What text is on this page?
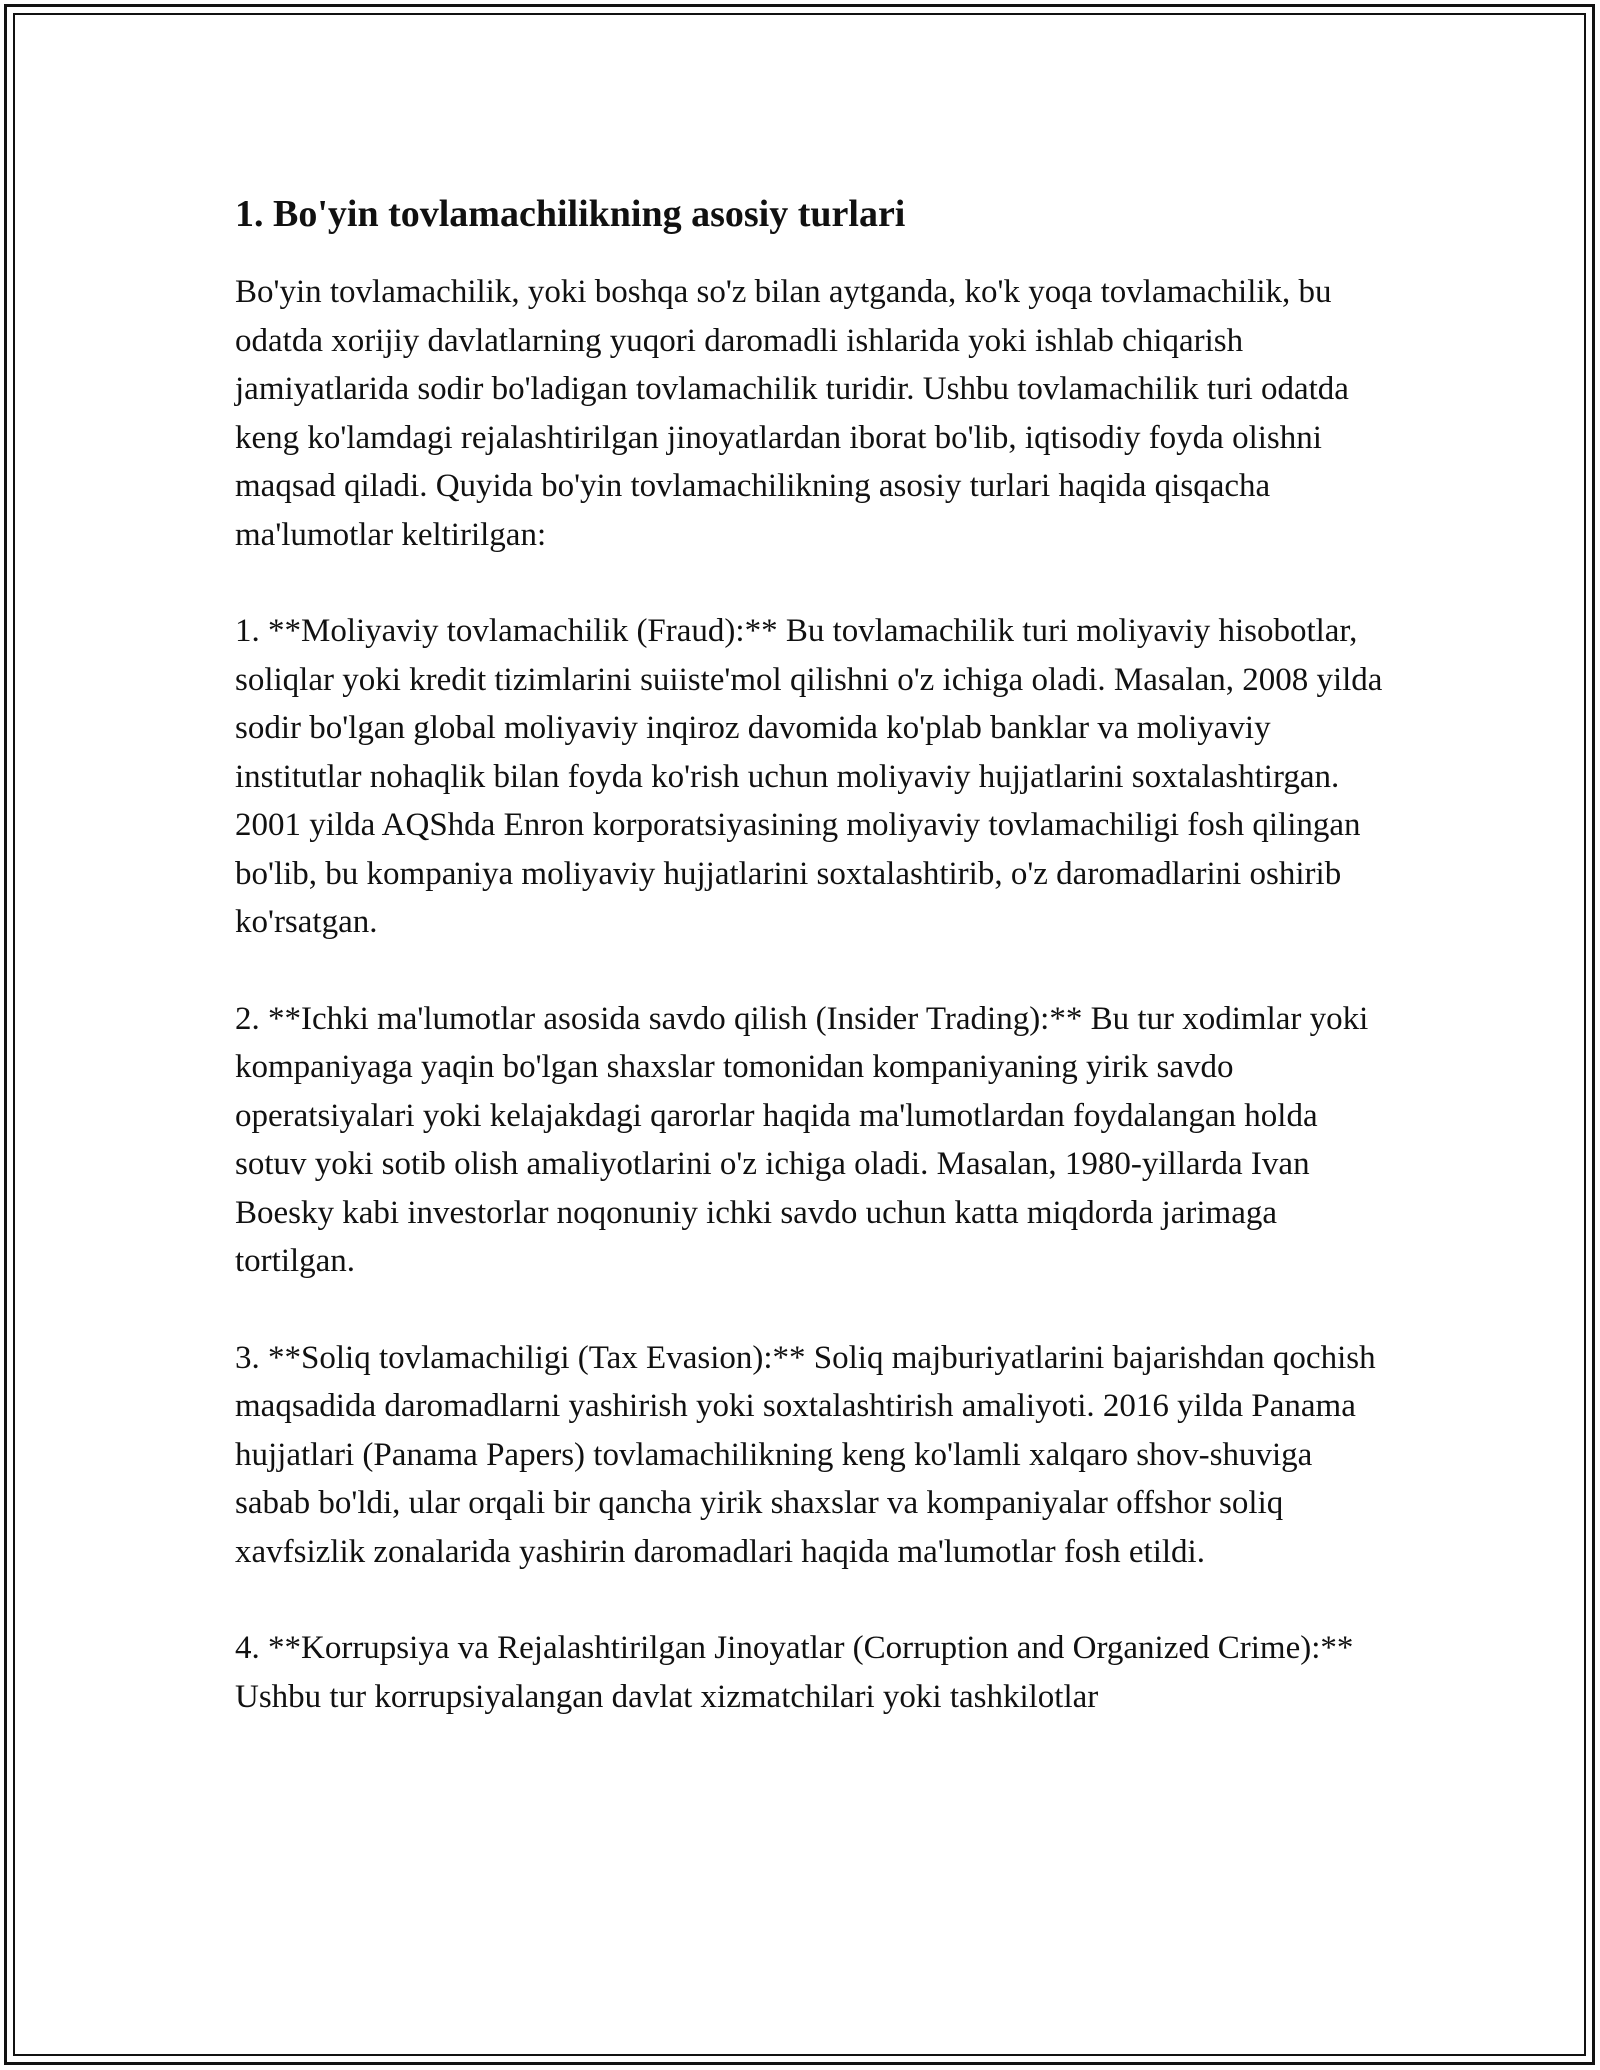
1. Bo'yin tovlamachilikning asosiy turlari

Bo'yin tovlamachilik, yoki boshqa so'z bilan aytganda, ko'k yoqa tovlamachilik, bu odatda xorijiy davlatlarning yuqori daromadli ishlarida yoki ishlab chiqarish jamiyatlarida sodir bo'ladigan tovlamachilik turidir. Ushbu tovlamachilik turi odatda keng ko'lamdagi rejalashtirilgan jinoyatlardan iborat bo'lib, iqtisodiy foyda olishni maqsad qiladi. Quyida bo'yin tovlamachilikning asosiy turlari haqida qisqacha ma'lumotlar keltirilgan:

1. **Moliyaviy tovlamachilik (Fraud):** Bu tovlamachilik turi moliyaviy hisobotlar, soliqlar yoki kredit tizimlarini suiiste'mol qilishni o'z ichiga oladi. Masalan, 2008 yilda sodir bo'lgan global moliyaviy inqiroz davomida ko'plab banklar va moliyaviy institutlar nohaqlik bilan foyda ko'rish uchun moliyaviy hujjatlarini soxtalashtirgan. 2001 yilda AQShda Enron korporatsiyasining moliyaviy tovlamachiligi fosh qilingan bo'lib, bu kompaniya moliyaviy hujjatlarini soxtalashtirib, o'z daromadlarini oshirib ko'rsatgan.

2. **Ichki ma'lumotlar asosida savdo qilish (Insider Trading):** Bu tur xodimlar yoki kompaniyaga yaqin bo'lgan shaxslar tomonidan kompaniyaning yirik savdo operatsiyalari yoki kelajakdagi qarorlar haqida ma'lumotlardan foydalangan holda sotuv yoki sotib olish amaliyotlarini o'z ichiga oladi. Masalan, 1980-yillarda Ivan Boesky kabi investorlar noqonuniy ichki savdo uchun katta miqdorda jarimaga tortilgan.

3. **Soliq tovlamachiligi (Tax Evasion):** Soliq majburiyatlarini bajarishdan qochish maqsadida daromadlarni yashirish yoki soxtalashtirish amaliyoti. 2016 yilda Panama hujjatlari (Panama Papers) tovlamachilikning keng ko'lamli xalqaro shov-shuviga sabab bo'ldi, ular orqali bir qancha yirik shaxslar va kompaniyalar offshor soliq xavfsizlik zonalarida yashirin daromadlari haqida ma'lumotlar fosh etildi.

4. **Korrupsiya va Rejalashtirilgan Jinoyatlar (Corruption and Organized Crime):** Ushbu tur korrupsiyalangan davlat xizmatchilari yoki tashkilotlar
